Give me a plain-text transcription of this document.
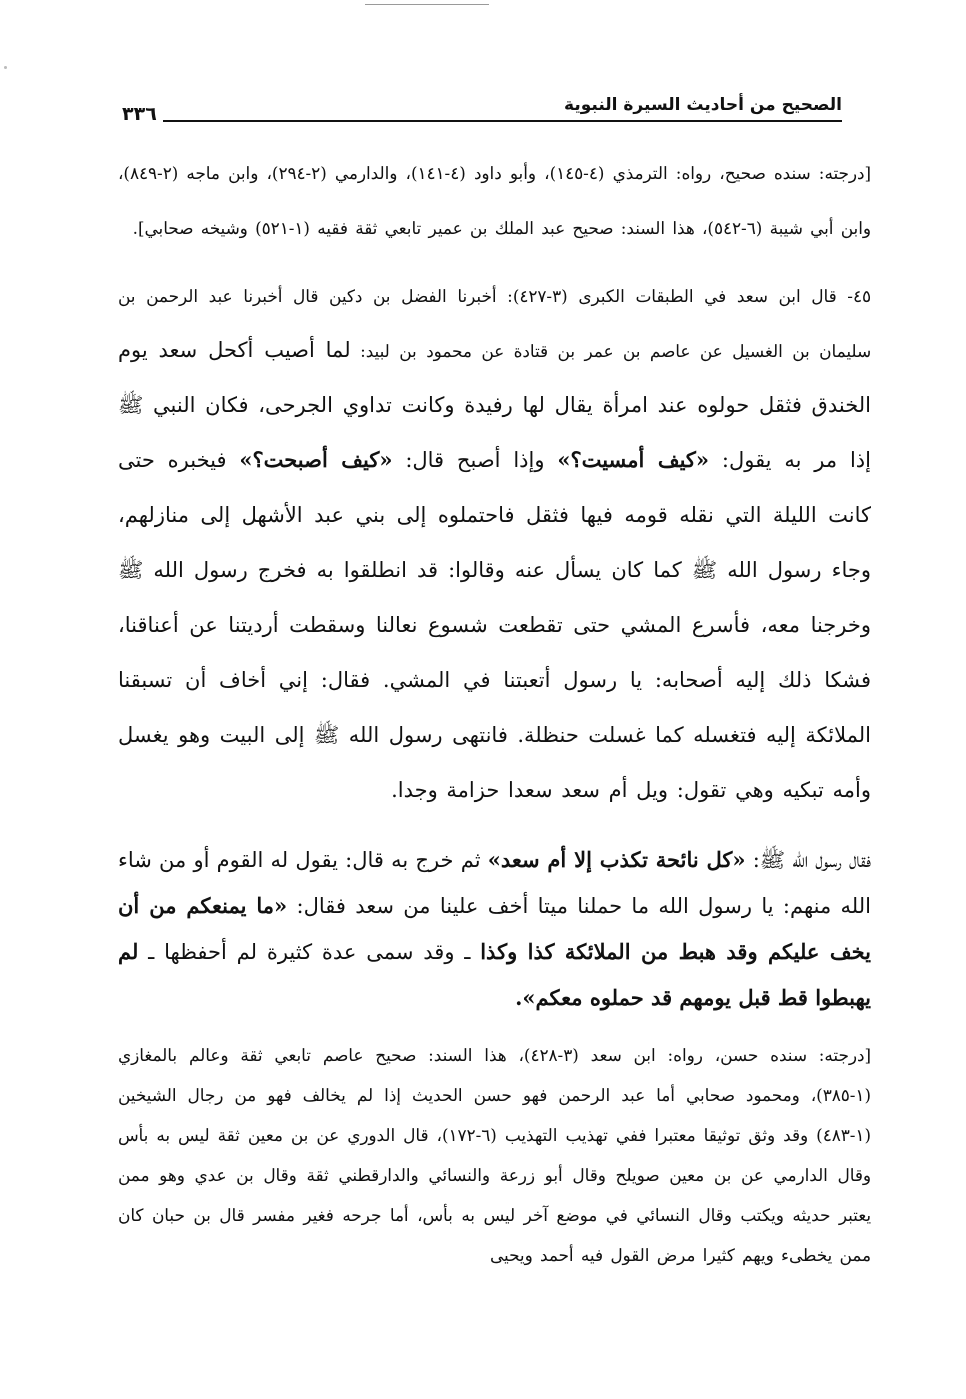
الصحيح من أحاديث السيرة النبوية
٣٣٦

[درجته: سنده صحيح، رواه: الترمذي (٤-١٤٥)، وأبو داود (٤-١٤١)، والدارمي (٢-٢٩٤)، وابن ماجه (٢-٨٤٩)، وابن أبي شيبة (٦-٥٤٢)، هذا السند: صحيح عبد الملك بن عمير تابعي ثقة فقيه (١-٥٢١) وشيخه صحابي].

٤٥- قال ابن سعد في الطبقات الكبرى (٣-٤٢٧): أخبرنا الفضل بن دكين قال أخبرنا عبد الرحمن بن سليمان بن الغسيل عن عاصم بن عمر بن قتادة عن محمود بن لبيد: لما أصيب أكحل سعد يوم الخندق فثقل حولوه عند امرأة يقال لها رفيدة وكانت تداوي الجرحى، فكان النبي ﷺ إذا مر به يقول: «كيف أمسيت؟» وإذا أصبح قال: «كيف أصبحت؟» فيخبره حتى كانت الليلة التي نقله قومه فيها فثقل فاحتملوه إلى بني عبد الأشهل إلى منازلهم، وجاء رسول الله ﷺ كما كان يسأل عنه وقالوا: قد انطلقوا به فخرج رسول الله ﷺ وخرجنا معه، فأسرع المشي حتى تقطعت شسوع نعالنا وسقطت أرديتنا عن أعناقنا، فشكا ذلك إليه أصحابه: يا رسول أتعبتنا في المشي. فقال: إني أخاف أن تسبقنا الملائكة إليه فتغسله كما غسلت حنظلة. فانتهى رسول الله ﷺ إلى البيت وهو يغسل وأمه تبكيه وهي تقول: ويل أم سعد سعدا حزامة وجدا.

فقال رسول الله ﷺ: «كل نائحة تكذب إلا أم سعد» ثم خرج به قال: يقول له القوم أو من شاء الله منهم: يا رسول الله ما حملنا ميتا أخف علينا من سعد فقال: «ما يمنعكم من أن يخف عليكم وقد هبط من الملائكة كذا وكذا ـ وقد سمى عدة كثيرة لم أحفظها ـ لم يهبطوا قط قبل يومهم قد حملوه معكم».

[درجته: سنده حسن، رواه: ابن سعد (٣-٤٢٨)، هذا السند: صحيح عاصم تابعي ثقة وعالم بالمغازي (١-٣٨٥)، ومحمود صحابي أما عبد الرحمن فهو حسن الحديث إذا لم يخالف فهو من رجال الشيخين (١-٤٨٣) وقد وثق توثيقا معتبرا ففي تهذيب التهذيب (٦-١٧٢)، قال الدوري عن بن معين ثقة ليس به بأس وقال الدارمي عن بن معين صويلح وقال أبو زرعة والنسائي والدارقطني ثقة وقال بن عدي وهو ممن يعتبر حديثه ويكتب وقال النسائي في موضع آخر ليس به بأس، أما جرحه فغير مفسر قال بن حبان كان ممن يخطىء ويهم كثيرا مرض القول فيه أحمد ويحيى
